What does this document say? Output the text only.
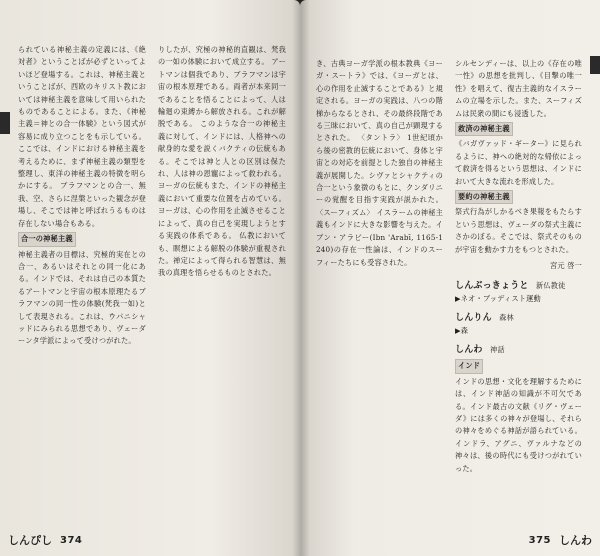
られている神秘主義の定義には、《絶対者》ということばが必ずといってよいほど登場する。これは、神秘主義ということばが、西欧のキリスト教においては神秘主義を意味して用いられたものであることによる。また、《神秘主義＝神との合一体験》という図式が容易に成り立つことをも示している。ここでは、インドにおける神秘主義を考えるために、まず神秘主義の類型を整理し、東洋の神秘主義の特徴を明らかにする。 ブラフマンとの合一、無我、空、さらに涅槃といった観念が登場し、そこでは神と呼ばれうるものは存在しない場合もある。
合一の神秘主義
神秘主義者の目標は、究極的実在との合一、あるいはそれとの同一化にある。インドでは、それは自己の本質たるアートマンと宇宙の根本原理たるブラフマンの同一性の体験(梵我一如)として表現される。これは、ウパニシャッドにみられる思想であり、ヴェーダーンタ学派によって受けつがれた。
りしたが、究極の神秘的直観は、梵我の一如の体験において成立する。 アートマンは個我であり、ブラフマンは宇宙の根本原理である。両者が本来同一であることを悟ることによって、人は輪廻の束縛から解放される。これが解脱である。 このような合一の神秘主義に対して、インドには、人格神への献身的な愛を説くバクティの伝統もある。そこでは神と人との区別は保たれ、人は神の恩寵によって救われる。 ヨーガの伝統もまた、インドの神秘主義において重要な位置を占めている。ヨーガは、心の作用を止滅させることによって、真の自己を実現しようとする実践の体系である。 仏教においても、瞑想による解脱の体験が重視された。禅定によって得られる智慧は、無我の真理を悟らせるものとされた。
しんぴし 374
き、古典ヨーガ学派の根本教典《ヨーガ・スートラ》では、《ヨーガとは、心の作用を止滅することである》と規定される。ヨーガの実践は、八つの階梯からなるとされ、その最終段階である三昧において、真の自己が顕現するとされた。 〈タントラ〉 1世紀頃から後の密教的伝統において、身体と宇宙との対応を前提とした独自の神秘主義が展開した。シヴァとシャクティの合一という象徴のもとに、クンダリニーの覚醒を目指す実践が説かれた。 〈スーフィズム〉 イスラームの神秘主義もインドに大きな影響を与えた。イブン・アラビー(Ibn 'Arabī, 1165-1240)の存在一性論は、インドのスーフィーたちにも受容された。
シルセンディーは、以上の《存在の唯一性》の思想を批判し、《目撃の唯一性》を唱えて、復古主義的なイスラームの立場を示した。また、スーフィズムは民衆の間にも浸透した。
救済の神秘主義
《バガヴァッド・ギーター》に見られるように、神への絶対的な帰依によって救済を得るという思想は、インドにおいて大きな流れを形成した。
要約の神秘主義
祭式行為がしかるべき果報をもたらすという思想は、ヴェーダの祭式主義にさかのぼる。そこでは、祭式そのものが宇宙を動かす力をもつとされた。
宮元 啓一
しんぶっきょうと 新仏教徒
▶ネオ・ブッディスト運動
しんりん 森林
▶森
しんわ 神話
インド
インドの思想・文化を理解するためには、インド神話の知識が不可欠である。インド最古の文献《リグ・ヴェーダ》には多くの神々が登場し、それらの神々をめぐる神話が語られている。インドラ、アグニ、ヴァルナなどの神々は、後の時代にも受けつがれていった。
375 しんわ
